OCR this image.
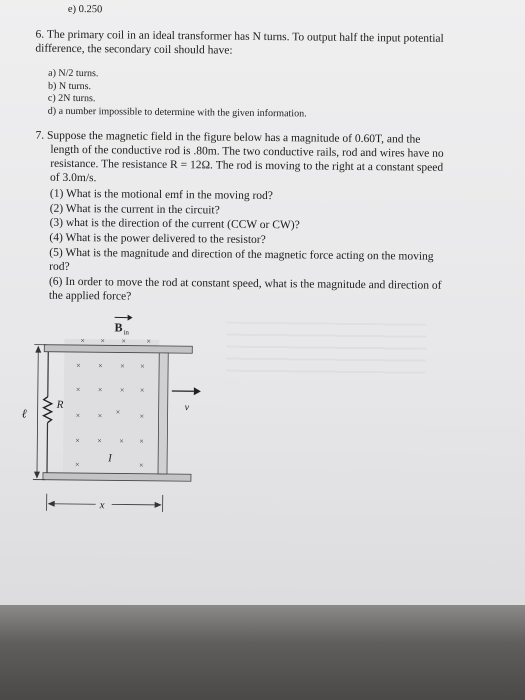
e) 0.250
6. The primary coil in an ideal transformer has N turns. To output half the input potential
difference, the secondary coil should have:
a) N/2 turns.
b) N turns.
c) 2N turns.
d) a number impossible to determine with the given information.
7. Suppose the magnetic field in the figure below has a magnitude of 0.60T, and the
length of the conductive rod is .80m. The two conductive rails, rod and wires have no
resistance. The resistance R = 12Ω. The rod is moving to the right at a constant speed
of 3.0m/s.
(1) What is the motional emf in the moving rod?
(2) What is the current in the circuit?
(3) what is the direction of the current (CCW or CW)?
(4) What is the power delivered to the resistor?
(5) What is the magnitude and direction of the magnetic force acting on the moving
rod?
(6) In order to move the rod at constant speed, what is the magnitude and direction of
the applied force?
B in
R	v
ℓ
I
x
× × ×	×
× × × ×
× × × ×
× × × ×
× × × ×
×	×
